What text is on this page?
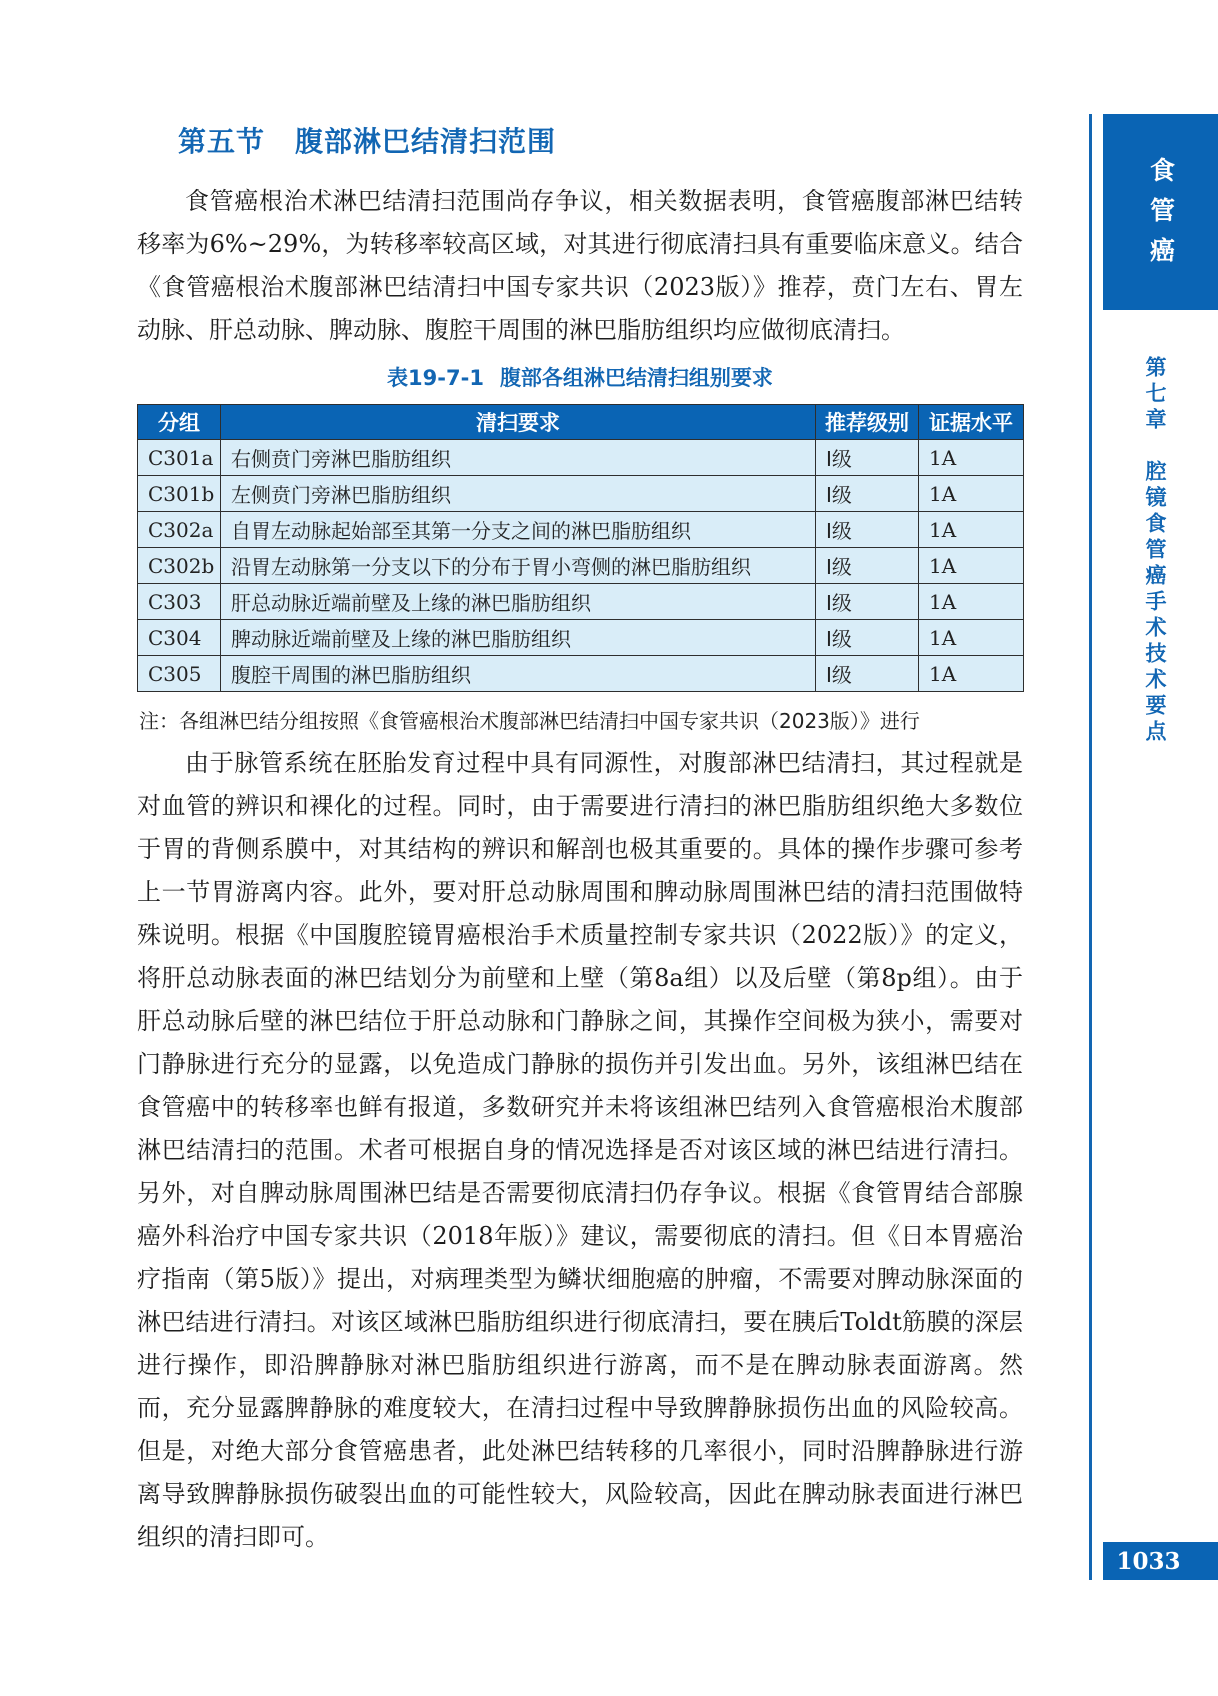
第五节 腹部淋巴结清扫范围

食管癌根治术淋巴结清扫范围尚存争议，相关数据表明，食管癌腹部淋巴结转移率为6%~29%，为转移率较高区域，对其进行彻底清扫具有重要临床意义。结合《食管癌根治术腹部淋巴结清扫中国专家共识（2023版）》推荐，贲门左右、胃左动脉、肝总动脉、脾动脉、腹腔干周围的淋巴脂肪组织均应做彻底清扫。

表19-7-1 腹部各组淋巴结清扫组别要求
分组	清扫要求	推荐级别	证据水平
C301a	右侧贲门旁淋巴脂肪组织	Ⅰ级	1A
C301b	左侧贲门旁淋巴脂肪组织	Ⅰ级	1A
C302a	自胃左动脉起始部至其第一分支之间的淋巴脂肪组织	Ⅰ级	1A
C302b	沿胃左动脉第一分支以下的分布于胃小弯侧的淋巴脂肪组织	Ⅰ级	1A
C303	肝总动脉近端前壁及上缘的淋巴脂肪组织	Ⅰ级	1A
C304	脾动脉近端前壁及上缘的淋巴脂肪组织	Ⅰ级	1A
C305	腹腔干周围的淋巴脂肪组织	Ⅰ级	1A
注：各组淋巴结分组按照《食管癌根治术腹部淋巴结清扫中国专家共识（2023版）》进行

由于脉管系统在胚胎发育过程中具有同源性，对腹部淋巴结清扫，其过程就是对血管的辨识和裸化的过程。同时，由于需要进行清扫的淋巴脂肪组织绝大多数位于胃的背侧系膜中，对其结构的辨识和解剖也极其重要的。具体的操作步骤可参考上一节胃游离内容。此外，要对肝总动脉周围和脾动脉周围淋巴结的清扫范围做特殊说明。根据《中国腹腔镜胃癌根治手术质量控制专家共识（2022版）》的定义，将肝总动脉表面的淋巴结划分为前壁和上壁（第8a组）以及后壁（第8p组）。由于肝总动脉后壁的淋巴结位于肝总动脉和门静脉之间，其操作空间极为狭小，需要对门静脉进行充分的显露，以免造成门静脉的损伤并引发出血。另外，该组淋巴结在食管癌中的转移率也鲜有报道，多数研究并未将该组淋巴结列入食管癌根治术腹部淋巴结清扫的范围。术者可根据自身的情况选择是否对该区域的淋巴结进行清扫。另外，对自脾动脉周围淋巴结是否需要彻底清扫仍存争议。根据《食管胃结合部腺癌外科治疗中国专家共识（2018年版）》建议，需要彻底的清扫。但《日本胃癌治疗指南（第5版）》提出，对病理类型为鳞状细胞癌的肿瘤，不需要对脾动脉深面的淋巴结进行清扫。对该区域淋巴脂肪组织进行彻底清扫，要在胰后Toldt筋膜的深层进行操作，即沿脾静脉对淋巴脂肪组织进行游离，而不是在脾动脉表面游离。然而，充分显露脾静脉的难度较大，在清扫过程中导致脾静脉损伤出血的风险较高。但是，对绝大部分食管癌患者，此处淋巴结转移的几率很小，同时沿脾静脉进行游离导致脾静脉损伤破裂出血的可能性较大，风险较高，因此在脾动脉表面进行淋巴组织的清扫即可。

食管癌
第七章腔镜食管癌手术技术要点
1033
